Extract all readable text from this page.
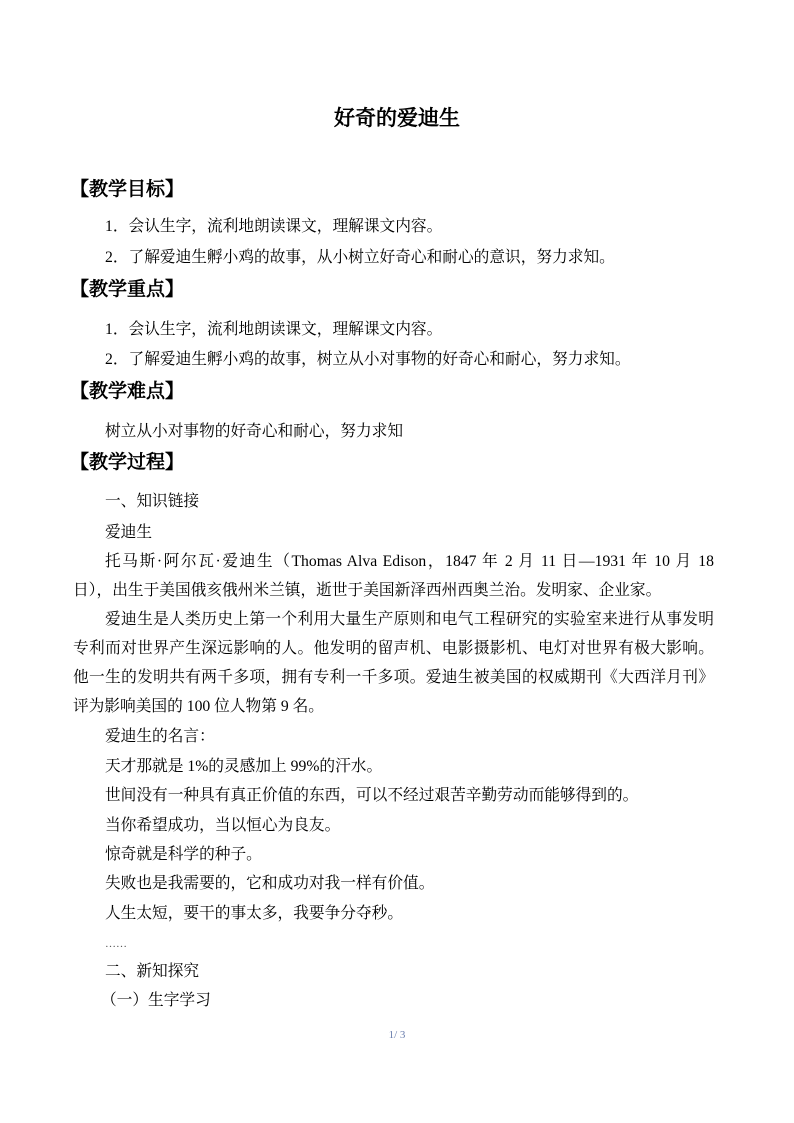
好奇的爱迪生
【教学目标】
1．会认生字，流利地朗读课文，理解课文内容。
2．了解爱迪生孵小鸡的故事，从小树立好奇心和耐心的意识，努力求知。
【教学重点】
1．会认生字，流利地朗读课文，理解课文内容。
2．了解爱迪生孵小鸡的故事，树立从小对事物的好奇心和耐心，努力求知。
【教学难点】
树立从小对事物的好奇心和耐心，努力求知
【教学过程】
一、知识链接
爱迪生
托马斯·阿尔瓦·爱迪生（Thomas Alva Edison，1847 年 2 月 11 日—1931 年 10 月 18
日），出生于美国俄亥俄州米兰镇，逝世于美国新泽西州西奥兰治。发明家、企业家。
爱迪生是人类历史上第一个利用大量生产原则和电气工程研究的实验室来进行从事发明
专利而对世界产生深远影响的人。他发明的留声机、电影摄影机、电灯对世界有极大影响。
他一生的发明共有两千多项，拥有专利一千多项。爱迪生被美国的权威期刊《大西洋月刊》
评为影响美国的 100 位人物第 9 名。
爱迪生的名言：
天才那就是 1%的灵感加上 99%的汗水。
世间没有一种具有真正价值的东西，可以不经过艰苦辛勤劳动而能够得到的。
当你希望成功，当以恒心为良友。
惊奇就是科学的种子。
失败也是我需要的，它和成功对我一样有价值。
人生太短，要干的事太多，我要争分夺秒。
……
二、新知探究
（一）生字学习
1/ 3
